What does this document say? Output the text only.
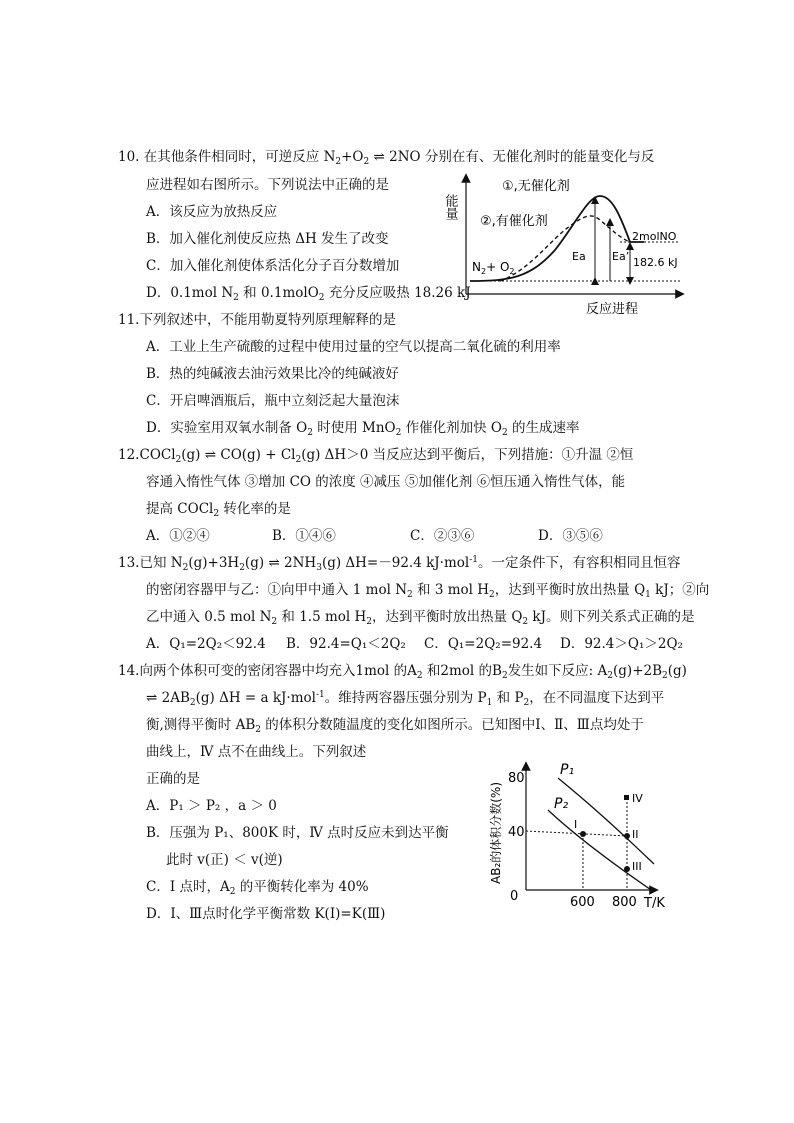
10. 在其他条件相同时，可逆反应 $N_2+O_2$ ⇌ 2NO 分别在有、无催化剂时的能量变化与反
应进程如右图所示。下列说法中正确的是
A．该反应为放热反应
B．加入催化剂使反应热 ΔH 发生了改变
C．加入催化剂使体系活化分子百分数增加
D．0.1mol $N_2$ 和 0.1molO$_2$ 充分反应吸热 18.26 kJ
能量
反应进程
①,无催化剂
②,有催化剂
Ea Ea’
2molNO
182.6 kJ
$N_2+ O_2$
11.下列叙述中，不能用勒夏特列原理解释的是
A．工业上生产硫酸的过程中使用过量的空气以提高二氧化硫的利用率
B．热的纯碱液去油污效果比冷的纯碱液好
C．开启啤酒瓶后，瓶中立刻泛起大量泡沫
D．实验室用双氧水制备 $O_2$ 时使用 MnO$_2$ 作催化剂加快 $O_2$ 的生成速率
12.COCl$_2$(g) ⇌ $CO(g) + Cl_2(g)$ ΔH＞0 当反应达到平衡后，下列措施：①升温 ②恒
容通入惰性气体 ③增加 CO 的浓度 ④减压 ⑤加催化剂 ⑥恒压通入惰性气体，能
提高 COCl$_2$ 转化率的是
A．①②④	B．①④⑥	C．②③⑥	D．③⑤⑥
13.已知 $N_2(g)+3H_2(g)$ ⇌ $2NH_3(g)$ ΔH=－92.4 kJ·mol$^{-1}$。一定条件下，有容积相同且恒容
的密闭容器甲与乙：①向甲中通入 1 mol $N_2$ 和 3 mol $H_2$，达到平衡时放出热量 $Q_1$ kJ；②向
乙中通入 0.5 mol $N_2$ 和 1.5 mol $H_2$，达到平衡时放出热量 $Q_2$ kJ。则下列关系式正确的是
A．Q₁=2Q₂＜92.4 B．92.4=Q₁＜2Q₂ C．Q₁=2Q₂=92.4 D．92.4＞Q₁＞2Q₂
14.向两个体积可变的密闭容器中均充入1mol 的$A_2$ 和2mol 的$B_2$发生如下反应: $A_2(g)+2B_2(g)$
⇌ $2AB_2(g) \Delta H = a$ kJ·mol$^{-1}$。维持两容器压强分别为 $P_1$ 和 $P_2$，在不同温度下达到平
衡,测得平衡时 $AB_2$ 的体积分数随温度的变化如图所示。已知图中Ⅰ、Ⅱ、Ⅲ点均处于
曲线上，Ⅳ 点不在曲线上。下列叙述
正确的是
A．P₁ ＞ P₂ ，a ＞ 0
B．压强为 P₁、800K 时，Ⅳ 点时反应未到达平衡
此时 v(正) ＜ v(逆)
C．I 点时，$A_2$ 的平衡转化率为 40%
D．Ⅰ、Ⅲ点时化学平衡常数 K(Ⅰ)=K(Ⅲ)
AB₂的体积分数(%)
T/K
80
40
0	600 800
P₁
P₂
I
II
III
IV
